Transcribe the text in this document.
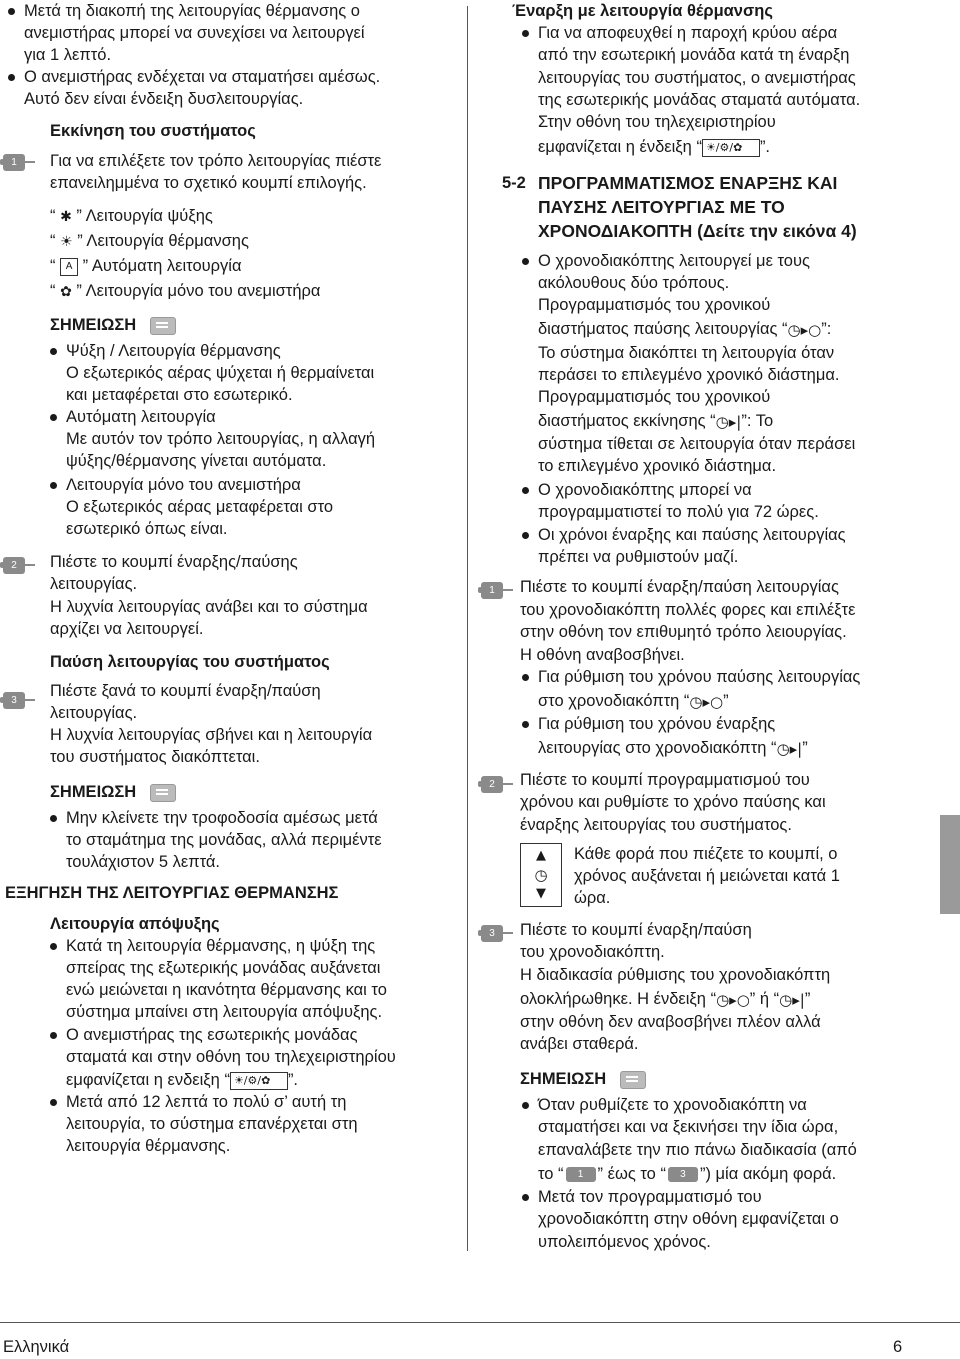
Μετά τη διακοπή της λειτουργίας θέρμανσης ο
ανεμιστήρας μπορεί να συνεχίσει να λειτουργεί
για 1 λεπτό.
Ο ανεμιστήρας ενδέχεται να σταματήσει αμέσως.
Αυτό δεν είναι ένδειξη δυσλειτουργίας.
Εκκίνηση του συστήματος
1	Για να επιλέξετε τον τρόπο λειτουργίας πιέστε
επανειλημμένα το σχετικό κουμπί επιλογής.
“ ✱ ” Λειτουργία ψύξης
“ ☀ ” Λειτουργία θέρμανσης
“ A ” Αυτόματη λειτουργία
“ ✿ ” Λειτουργία μόνο του ανεμιστήρα
ΣΗΜΕΙΩΣΗ
Ψύξη / Λειτουργία θέρμανσης
Ο εξωτερικός αέρας ψύχεται ή θερμαίνεται
και μεταφέρεται στο εσωτερικό.
Αυτόματη λειτουργία
Με αυτόν τον τρόπο λειτουργίας, η αλλαγή
ψύξης/θέρμανσης γίνεται αυτόματα.
Λειτουργία μόνο του ανεμιστήρα
Ο εξωτερικός αέρας μεταφέρεται στο
εσωτερικό όπως είναι.
2	Πιέστε το κουμπί έναρξης/παύσης
λειτουργίας.
Η λυχνία λειτουργίας ανάβει και το σύστημα
αρχίζει να λειτουργεί.
Παύση λειτουργίας του συστήματος
3
Πιέστε ξανά το κουμπί έναρξη/παύση
λειτουργίας.
Η λυχνία λειτουργίας σβήνει και η λειτουργία
του συστήματος διακόπτεται.
ΣΗΜΕΙΩΣΗ
Μην κλείνετε την τροφοδοσία αμέσως μετά
το σταμάτημα της μονάδας, αλλά περιμέντε
τουλάχιστον 5 λεπτά.
ΕΞΗΓΗΣΗ ΤΗΣ ΛΕΙΤΟΥΡΓΙΑΣ ΘΕΡΜΑΝΣΗΣ
Λειτουργία απόψυξης
Κατά τη λειτουργία θέρμανσης, η ψύξη της
σπείρας της εξωτερικής μονάδας αυξάνεται
ενώ μειώνεται η ικανότητα θέρμανσης και το
σύστημα μπαίνει στη λειτουργία απόψυξης.
Ο ανεμιστήρας της εσωτερικής μονάδας
σταματά και στην οθόνη του τηλεχειριστηρίου
εμφανίζεται η ενδειξη “ ☀/⚙/✿ ”.
Μετά από 12 λεπτά το πολύ σ’ αυτή τη
λειτουργία, το σύστημα επανέρχεται στη
λειτουργία θέρμανσης.
Έναρξη με λειτουργία θέρμανσης
Για να αποφευχθεί η παροχή κρύου αέρα
από την εσωτερική μονάδα κατά τη έναρξη
λειτουργίας του συστήματος, ο ανεμιστήρας
της εσωτερικής μονάδας σταματά αυτόματα.
Στην οθόνη του τηλεχειριστηρίου
εμφανίζεται η ένδειξη “ ☀/⚙/✿ ”.
5-2 ΠΡΟΓΡΑΜΜΑΤΙΣΜΟΣ ΕΝΑΡΞΗΣ ΚΑΙ
ΠΑΥΣΗΣ ΛΕΙΤΟΥΡΓΙΑΣ ΜΕ ΤΟ
ΧΡΟΝΟΔΙΑΚΟΠΤΗ (Δείτε την εικόνα 4)
Ο χρονοδιακόπτης λειτουργεί με τους
ακόλουθους δύο τρόπους.
Προγραμματισμός του χρονικού
διαστήματος παύσης λειτουργίας “◷▸○”:
Το σύστημα διακόπτει τη λειτουργία όταν
περάσει το επιλεγμένο χρονικό διάστημα.
Προγραμματισμός του χρονικού
διαστήματος εκκίνησης “◷▸|”: Το
σύστημα τίθεται σε λειτουργία όταν περάσει
το επιλεγμένο χρονικό διάστημα.
Ο χρονοδιακόπτης μπορεί να
προγραμματιστεί το πολύ για 72 ώρες.
Οι χρόνοι έναρξης και παύσης λειτουργίας
πρέπει να ρυθμιστούν μαζί.
1	Πιέστε το κουμπί έναρξη/παύση λειτουργίας
του χρονοδιακόπτη πολλές φορες και επιλέξτε
στην οθόνη τον επιθυμητό τρόπο λειουργίας.
Η οθόνη αναβοσβήνει.
Για ρύθμιση του χρόνου παύσης λειτουργίας
στο χρονοδιακόπτη “◷▸○”
Για ρύθμιση του χρόνου έναρξης
λειτουργίας στο χρονοδιακόπτη “◷▸|”
2	Πιέστε το κουμπί προγραμματισμού του
χρόνου και ρυθμίστε το χρόνο παύσης και
έναρξης λειτουργίας του συστήματος.
▲
◷
▼
Κάθε φορά που πιέζετε το κουμπί, ο
χρόνος αυξάνεται ή μειώνεται κατά 1
ώρα.
3	Πιέστε το κουμπί έναρξη/παύση
του χρονοδιακόπτη.
Η διαδικασία ρύθμισης του χρονοδιακόπτη
ολοκλήρωθηκε. Η ένδειξη “◷▸○” ή “◷▸|”
στην οθόνη δεν αναβοσβήνει πλέον αλλά
ανάβει σταθερά.
ΣΗΜΕΙΩΣΗ
Όταν ρυθμίζετε το χρονοδιακόπτη να
σταματήσει και να ξεκινήσει την ίδια ώρα,
επαναλάβετε την πιο πάνω διαδικασία (από
το “ 1 ” έως το “ 3 ”) μία ακόμη φορά.
Μετά τον προγραμματισμό του
χρονοδιακόπτη στην οθόνη εμφανίζεται ο
υπολειπόμενος χρόνος.
Ελληνικά	6
